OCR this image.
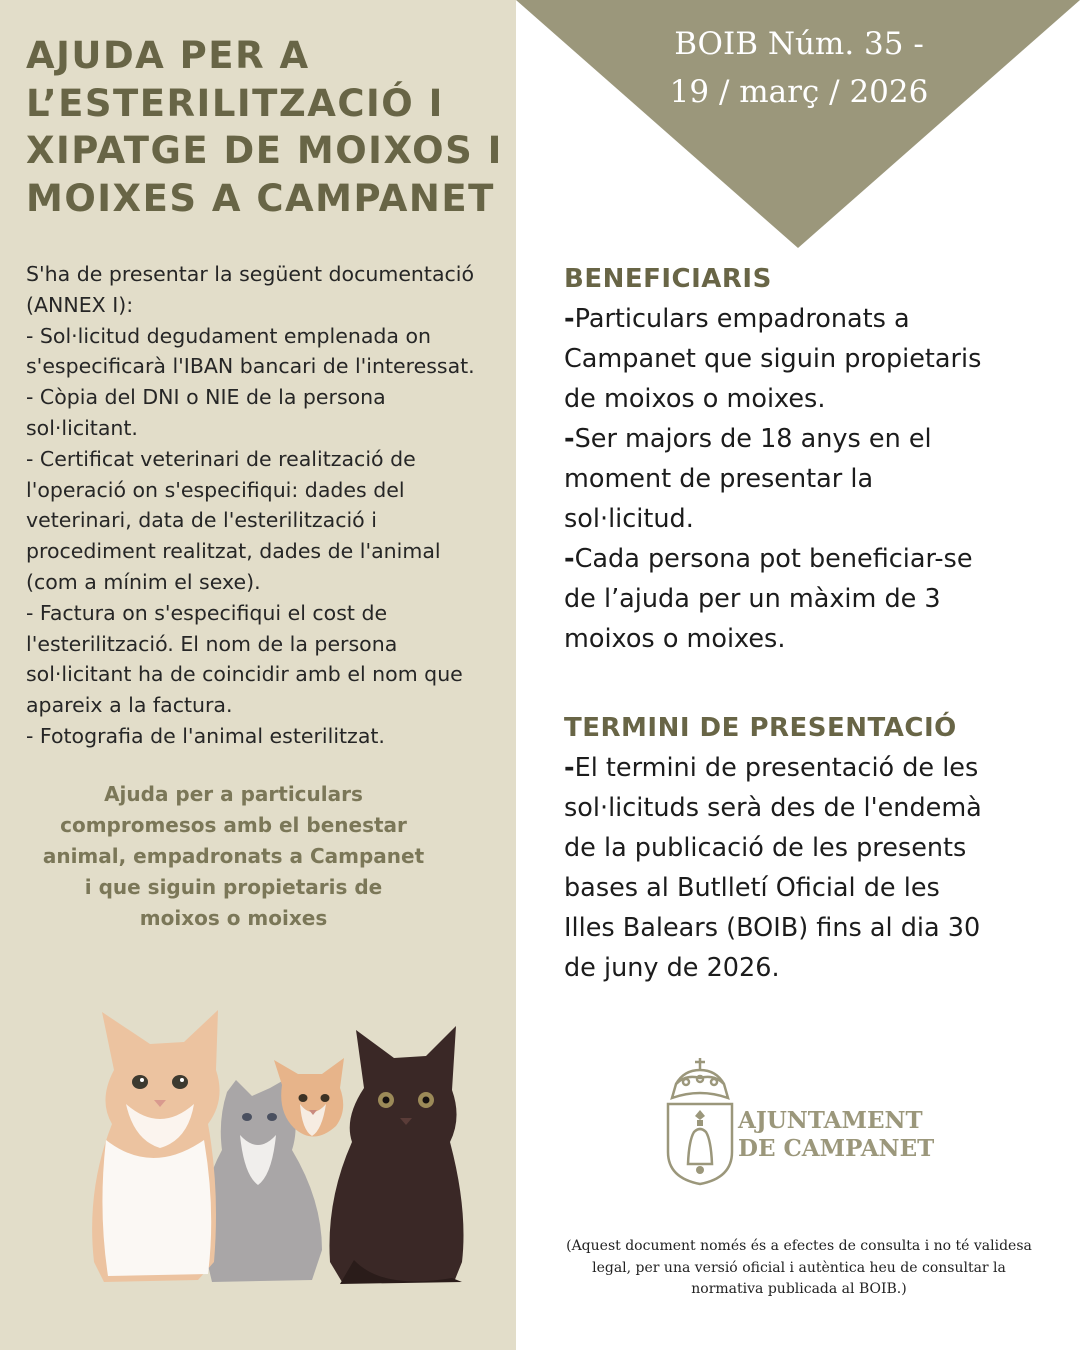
AJUDA PER A
L’ESTERILITZACIÓ I
XIPATGE DE MOIXOS I
MOIXES A CAMPANET

S'ha de presentar la següent documentació

(ANNEX I):

- Sol·licitud degudament emplenada on

s'especificarà l'IBAN bancari de l'interessat.

- Còpia del DNI o NIE de la persona

sol·licitant.

- Certificat veterinari de realització de

l'operació on s'especifiqui: dades del

veterinari, data de l'esterilització i

procediment realitzat, dades de l'animal

(com a mínim el sexe).

- Factura on s'especifiqui el cost de

l'esterilització. El nom de la persona

sol·licitant ha de coincidir amb el nom que

apareix a la factura.

- Fotografia de l'animal esterilitzat.

Ajuda per a particulars
compromesos amb el benestar
animal, empadronats a Campanet
i que siguin propietaris de
moixos o moixes
BOIB Núm. 35 -
19 / març / 2026
BENEFICIARIS
-Particulars empadronats a
Campanet que siguin propietaris
de moixos o moixes.
-Ser majors de 18 anys en el
moment de presentar la
sol·licitud.
-Cada persona pot beneficiar-se
de l’ajuda per un màxim de 3
moixos o moixes.
TERMINI DE PRESENTACIÓ
-El termini de presentació de les
sol·licituds serà des de l'endemà
de la publicació de les presents
bases al Butlletí Oficial de les
Illes Balears (BOIB) fins al dia 30
de juny de 2026.
AJUNTAMENT
DE CAMPANET
(Aquest document només és a efectes de consulta i no té validesa
legal, per una versió oficial i autèntica heu de consultar la
normativa publicada al BOIB.)
